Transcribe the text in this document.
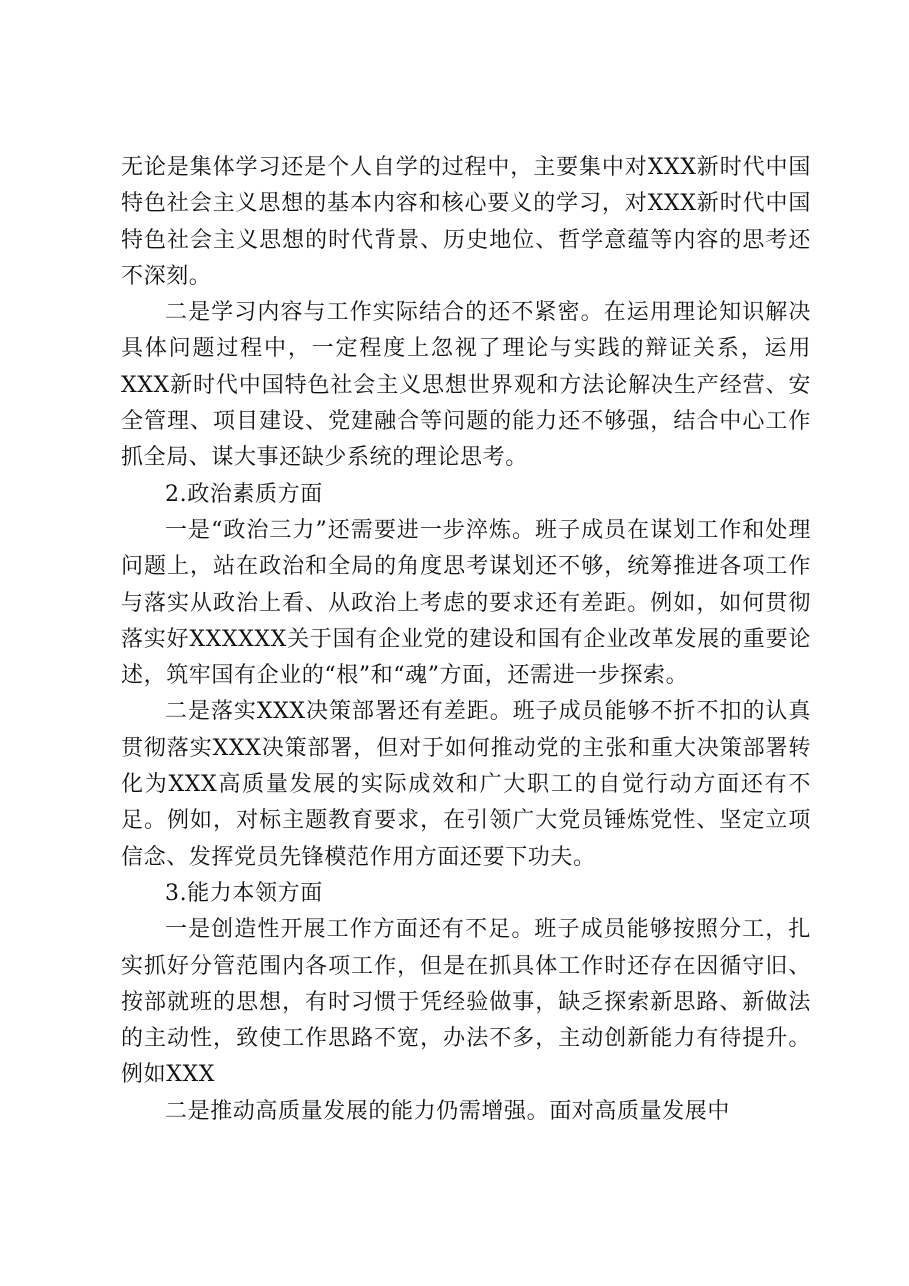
无论是集体学习还是个人自学的过程中，主要集中对XXX新时代中国特色社会主义思想的基本内容和核心要义的学习，对XXX新时代中国特色社会主义思想的时代背景、历史地位、哲学意蕴等内容的思考还不深刻。

二是学习内容与工作实际结合的还不紧密。在运用理论知识解决具体问题过程中，一定程度上忽视了理论与实践的辩证关系，运用XXX新时代中国特色社会主义思想世界观和方法论解决生产经营、安全管理、项目建设、党建融合等问题的能力还不够强，结合中心工作抓全局、谋大事还缺少系统的理论思考。

2.政治素质方面

一是“政治三力”还需要进一步淬炼。班子成员在谋划工作和处理问题上，站在政治和全局的角度思考谋划还不够，统筹推进各项工作与落实从政治上看、从政治上考虑的要求还有差距。例如，如何贯彻落实好XXXXXX关于国有企业党的建设和国有企业改革发展的重要论述，筑牢国有企业的“根”和“魂”方面，还需进一步探索。

二是落实XXX决策部署还有差距。班子成员能够不折不扣的认真贯彻落实XXX决策部署，但对于如何推动党的主张和重大决策部署转化为XXX高质量发展的实际成效和广大职工的自觉行动方面还有不足。例如，对标主题教育要求，在引领广大党员锤炼党性、坚定立项信念、发挥党员先锋模范作用方面还要下功夫。

3.能力本领方面

一是创造性开展工作方面还有不足。班子成员能够按照分工，扎实抓好分管范围内各项工作，但是在抓具体工作时还存在因循守旧、按部就班的思想，有时习惯于凭经验做事，缺乏探索新思路、新做法的主动性，致使工作思路不宽，办法不多，主动创新能力有待提升。例如XXX

二是推动高质量发展的能力仍需增强。面对高质量发展中
